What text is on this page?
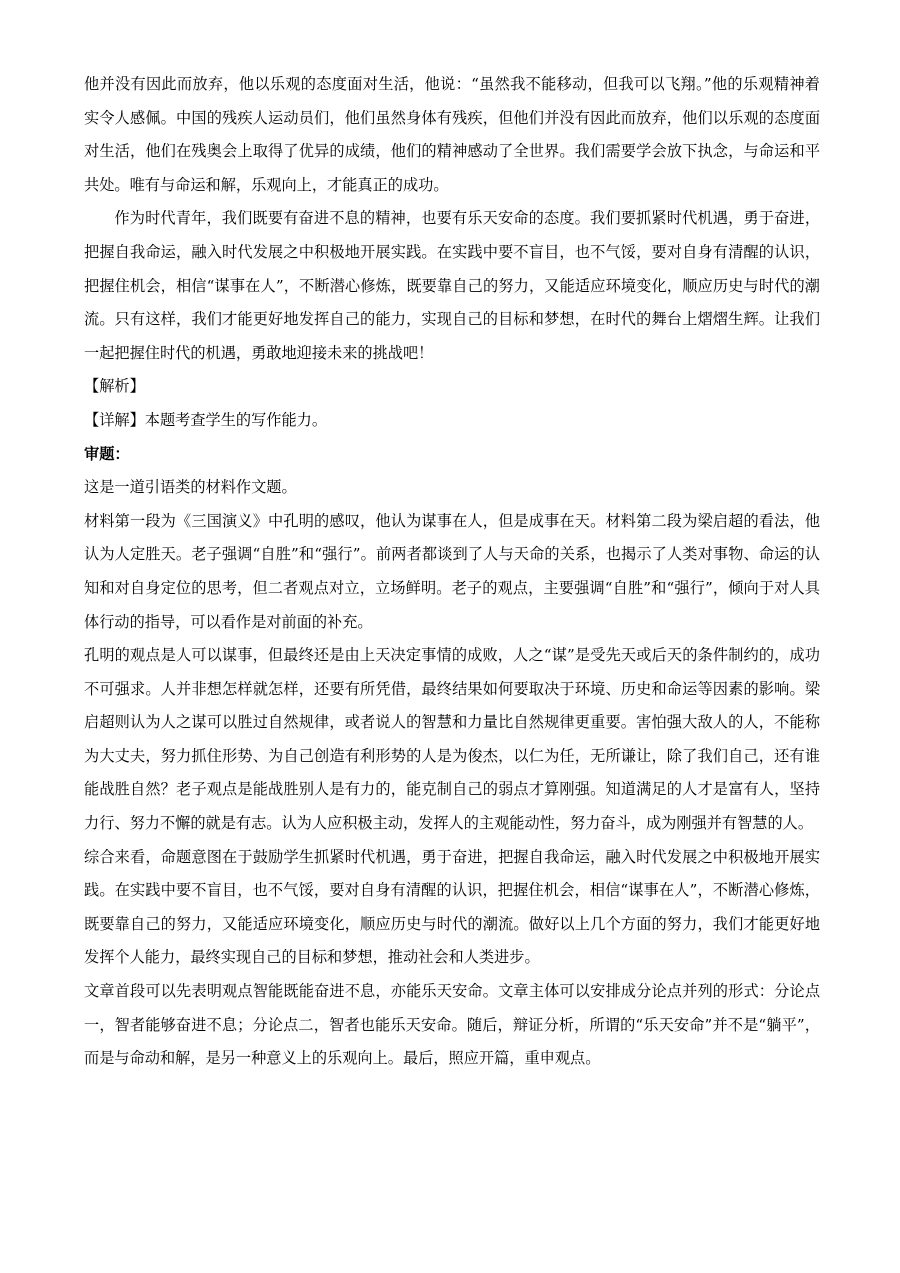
他并没有因此而放弃，他以乐观的态度面对生活，他说：“虽然我不能移动，但我可以飞翔。”他的乐观精神着实令人感佩。中国的残疾人运动员们，他们虽然身体有残疾，但他们并没有因此而放弃，他们以乐观的态度面对生活，他们在残奥会上取得了优异的成绩，他们的精神感动了全世界。我们需要学会放下执念，与命运和平共处。唯有与命运和解，乐观向上，才能真正的成功。

作为时代青年，我们既要有奋进不息的精神，也要有乐天安命的态度。我们要抓紧时代机遇，勇于奋进，把握自我命运，融入时代发展之中积极地开展实践。在实践中要不盲目，也不气馁，要对自身有清醒的认识，把握住机会，相信“谋事在人”，不断潜心修炼，既要靠自己的努力，又能适应环境变化，顺应历史与时代的潮流。只有这样，我们才能更好地发挥自己的能力，实现自己的目标和梦想，在时代的舞台上熠熠生辉。让我们一起把握住时代的机遇，勇敢地迎接未来的挑战吧！

【解析】

【详解】本题考查学生的写作能力。

审题：

这是一道引语类的材料作文题。

材料第一段为《三国演义》中孔明的感叹，他认为谋事在人，但是成事在天。材料第二段为梁启超的看法，他认为人定胜天。老子强调“自胜”和“强行”。前两者都谈到了人与天命的关系，也揭示了人类对事物、命运的认知和对自身定位的思考，但二者观点对立，立场鲜明。老子的观点，主要强调“自胜”和“强行”，倾向于对人具体行动的指导，可以看作是对前面的补充。

孔明的观点是人可以谋事，但最终还是由上天决定事情的成败，人之“谋”是受先天或后天的条件制约的，成功不可强求。人并非想怎样就怎样，还要有所凭借，最终结果如何要取决于环境、历史和命运等因素的影响。梁启超则认为人之谋可以胜过自然规律，或者说人的智慧和力量比自然规律更重要。害怕强大敌人的人，不能称为大丈夫，努力抓住形势、为自己创造有利形势的人是为俊杰，以仁为任，无所谦让，除了我们自己，还有谁能战胜自然？老子观点是能战胜别人是有力的，能克制自己的弱点才算刚强。知道满足的人才是富有人，坚持力行、努力不懈的就是有志。认为人应积极主动，发挥人的主观能动性，努力奋斗，成为刚强并有智慧的人。

综合来看，命题意图在于鼓励学生抓紧时代机遇，勇于奋进，把握自我命运，融入时代发展之中积极地开展实践。在实践中要不盲目，也不气馁，要对自身有清醒的认识，把握住机会，相信“谋事在人”，不断潜心修炼，既要靠自己的努力，又能适应环境变化，顺应历史与时代的潮流。做好以上几个方面的努力，我们才能更好地发挥个人能力，最终实现自己的目标和梦想，推动社会和人类进步。

文章首段可以先表明观点智能既能奋进不息，亦能乐天安命。文章主体可以安排成分论点并列的形式：分论点一，智者能够奋进不息；分论点二，智者也能乐天安命。随后，辩证分析，所谓的“乐天安命”并不是“躺平”，而是与命动和解，是另一种意义上的乐观向上。最后，照应开篇，重申观点。
